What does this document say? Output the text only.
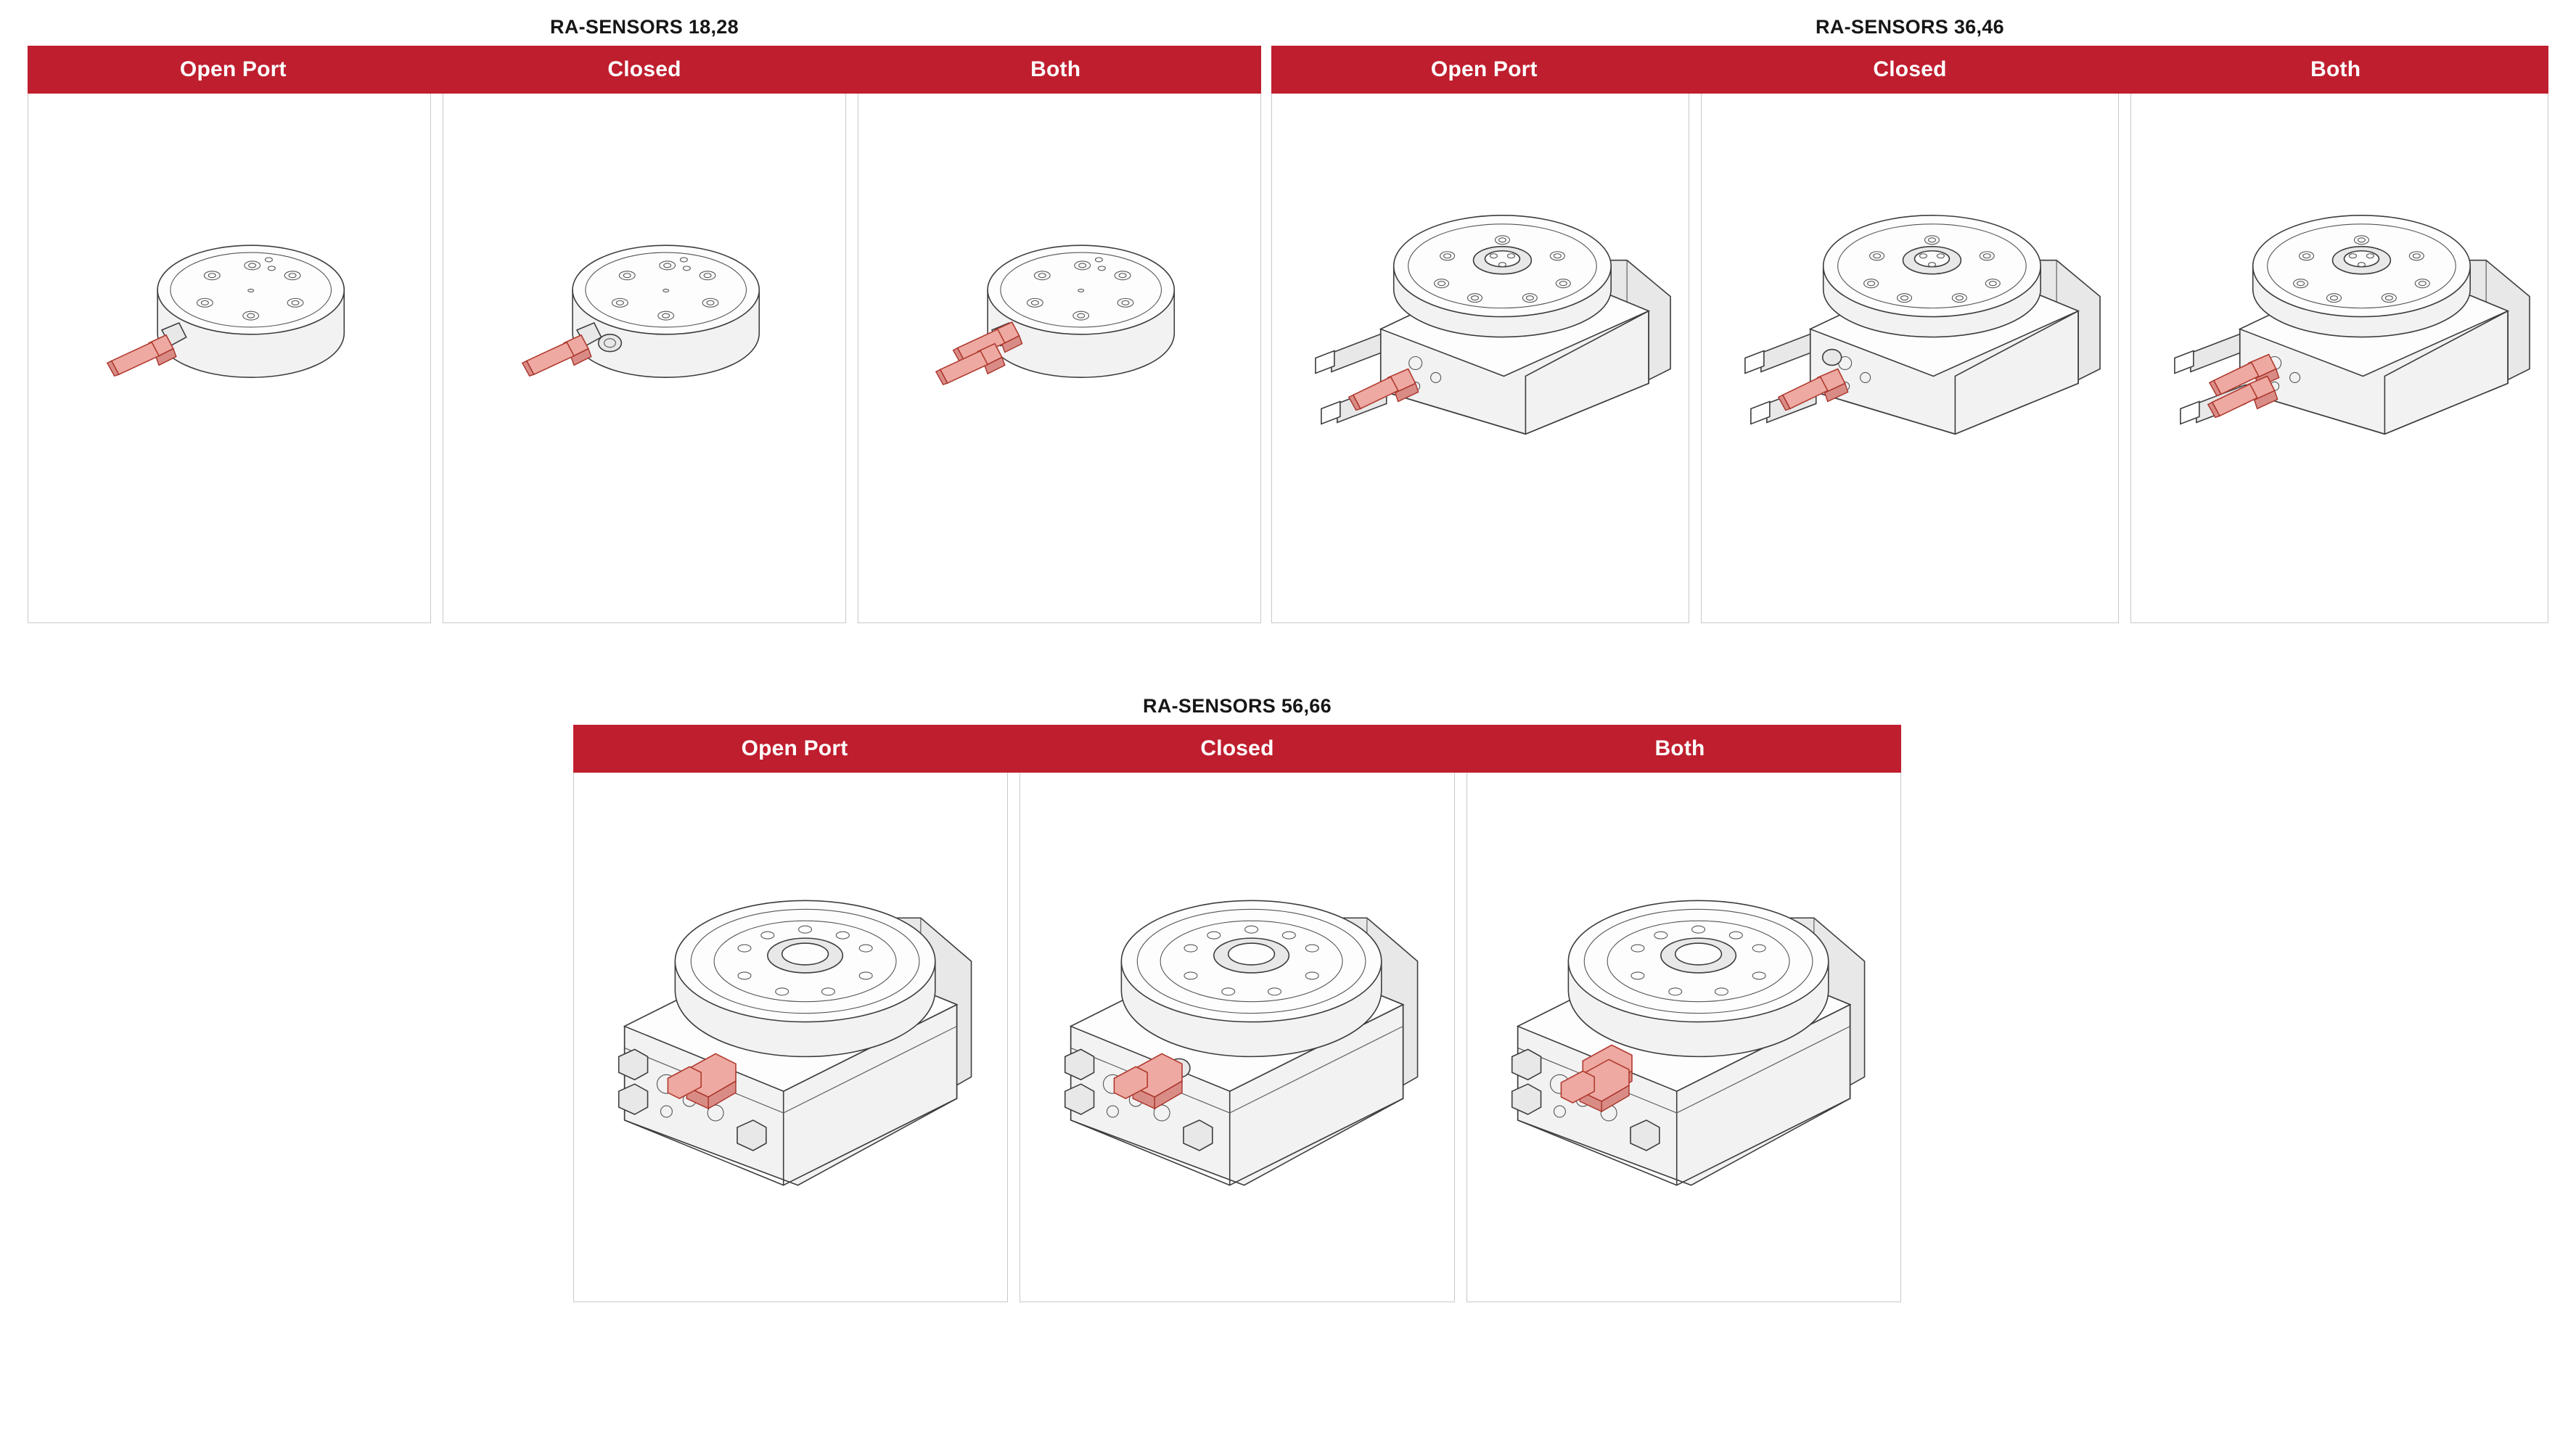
RA-SENSORS 18,28
Open Port	Closed	Both
RA-SENSORS 36,46
Open Port	Closed	Both
RA-SENSORS 56,66
Open Port	Closed	Both
